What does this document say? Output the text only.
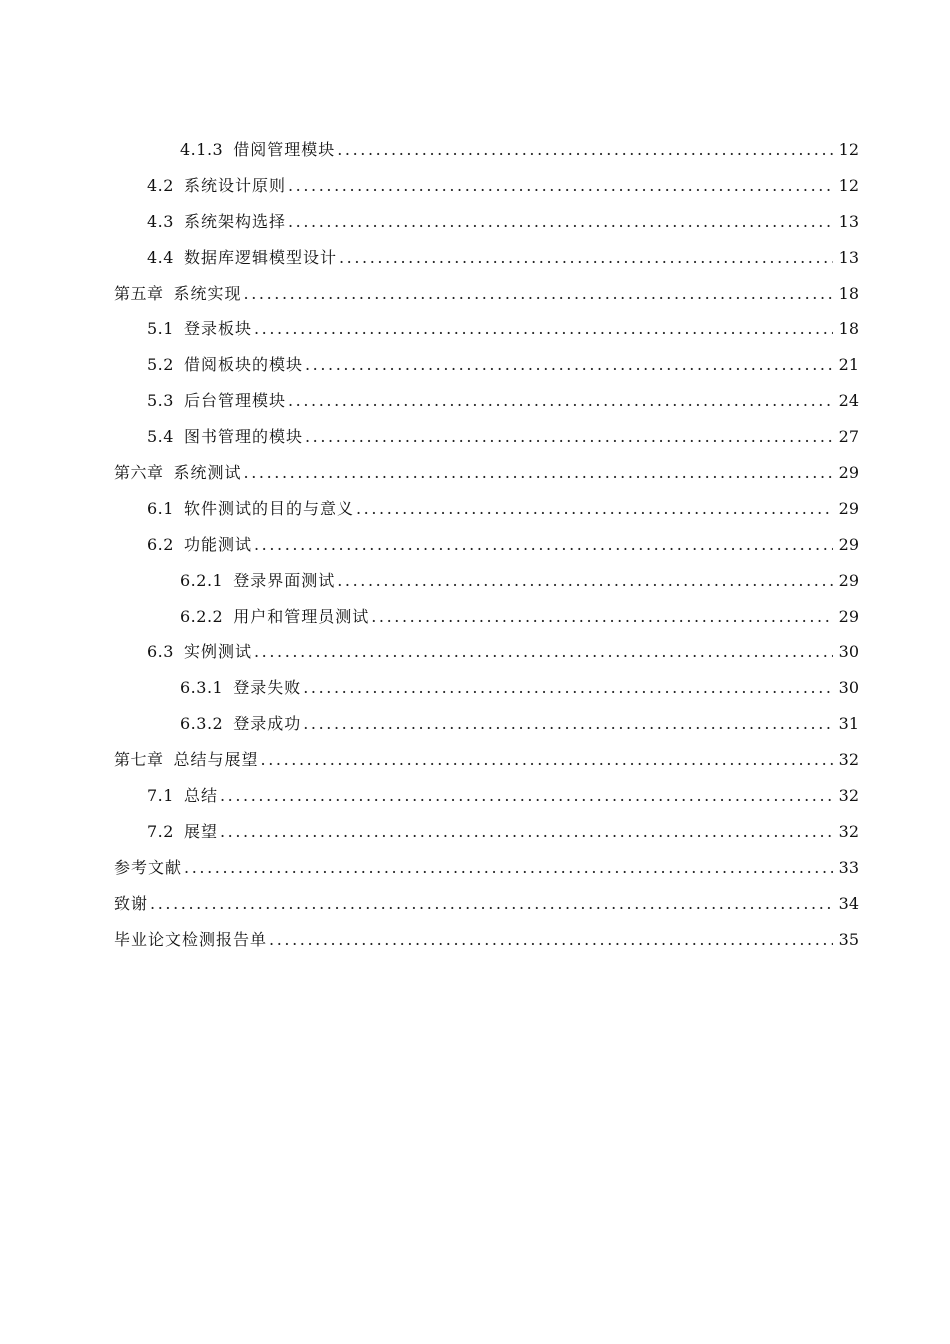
4.1.3 借阅管理模块 .....	12
4.2 系统设计原则 .....	12
4.3 系统架构选择 .....	13
4.4 数据库逻辑模型设计 .....	13
第五章 系统实现 .....	18
5.1 登录板块 .....	18
5.2 借阅板块的模块 .....	21
5.3 后台管理模块 .....	24
5.4 图书管理的模块 .....	27
第六章 系统测试 .....	29
6.1 软件测试的目的与意义 .....	29
6.2 功能测试 .....	29
6.2.1 登录界面测试 .....	29
6.2.2 用户和管理员测试 .....	29
6.3 实例测试 .....	30
6.3.1 登录失败 .....	30
6.3.2 登录成功 .....	31
第七章 总结与展望 .....	32
7.1 总结 .....	32
7.2 展望 .....	32
参考文献 .....	33
致谢 .....	34
毕业论文检测报告单 .....	35
